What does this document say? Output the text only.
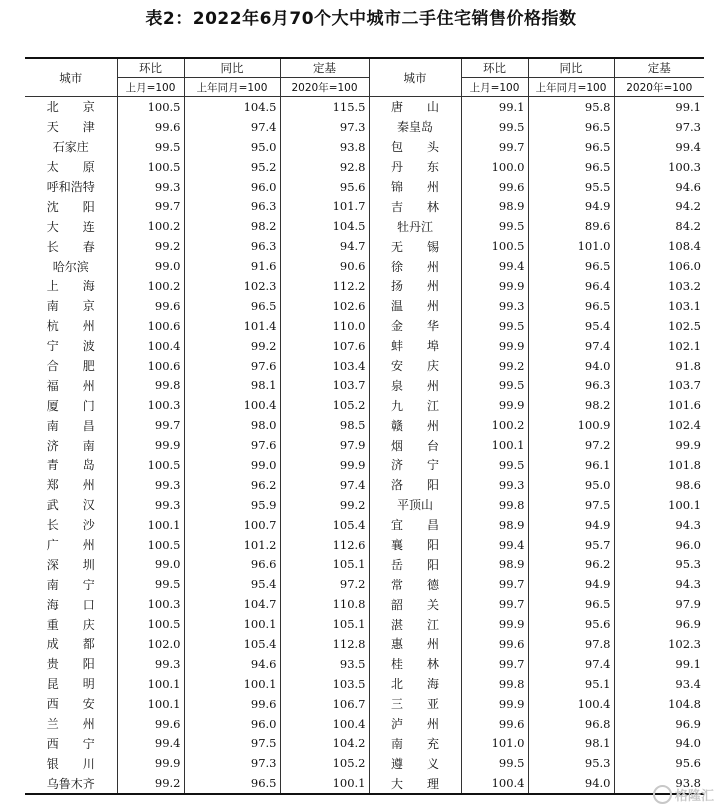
表2：2022年6月70个大中城市二手住宅销售价格指数
城市	环比	同比	定基	城市	环比	同比	定基
	上月=100	上年同月=100	2020年=100		上月=100	上年同月=100	2020年=100
北　　京	100.5	104.5	115.5	唐　　山	99.1	95.8	99.1
天　　津	99.6	97.4	97.3	秦皇岛	99.5	96.5	97.3
石家庄	99.5	95.0	93.8	包　　头	99.7	96.5	99.4
太　　原	100.5	95.2	92.8	丹　　东	100.0	96.5	100.3
呼和浩特	99.3	96.0	95.6	锦　　州	99.6	95.5	94.6
沈　　阳	99.7	96.3	101.7	吉　　林	98.9	94.9	94.2
大　　连	100.2	98.2	104.5	牡丹江	99.5	89.6	84.2
长　　春	99.2	96.3	94.7	无　　锡	100.5	101.0	108.4
哈尔滨	99.0	91.6	90.6	徐　　州	99.4	96.5	106.0
上　　海	100.2	102.3	112.2	扬　　州	99.9	96.4	103.2
南　　京	99.6	96.5	102.6	温　　州	99.3	96.5	103.1
杭　　州	100.6	101.4	110.0	金　　华	99.5	95.4	102.5
宁　　波	100.4	99.2	107.6	蚌　　埠	99.9	97.4	102.1
合　　肥	100.6	97.6	103.4	安　　庆	99.2	94.0	91.8
福　　州	99.8	98.1	103.7	泉　　州	99.5	96.3	103.7
厦　　门	100.3	100.4	105.2	九　　江	99.9	98.2	101.6
南　　昌	99.7	98.0	98.5	赣　　州	100.2	100.9	102.4
济　　南	99.9	97.6	97.9	烟　　台	100.1	97.2	99.9
青　　岛	100.5	99.0	99.9	济　　宁	99.5	96.1	101.8
郑　　州	99.3	96.2	97.4	洛　　阳	99.3	95.0	98.6
武　　汉	99.3	95.9	99.2	平顶山	99.8	97.5	100.1
长　　沙	100.1	100.7	105.4	宜　　昌	98.9	94.9	94.3
广　　州	100.5	101.2	112.6	襄　　阳	99.4	95.7	96.0
深　　圳	99.0	96.6	105.1	岳　　阳	98.9	96.2	95.3
南　　宁	99.5	95.4	97.2	常　　德	99.7	94.9	94.3
海　　口	100.3	104.7	110.8	韶　　关	99.7	96.5	97.9
重　　庆	100.5	100.1	105.1	湛　　江	99.9	95.6	96.9
成　　都	102.0	105.4	112.8	惠　　州	99.6	97.8	102.3
贵　　阳	99.3	94.6	93.5	桂　　林	99.7	97.4	99.1
昆　　明	100.1	100.1	103.5	北　　海	99.8	95.1	93.4
西　　安	100.1	99.6	106.7	三　　亚	99.9	100.4	104.8
兰　　州	99.6	96.0	100.4	泸　　州	99.6	96.8	96.9
西　　宁	99.4	97.5	104.2	南　　充	101.0	98.1	94.0
银　　川	99.9	97.3	105.2	遵　　义	99.5	95.3	95.6
乌鲁木齐	99.2	96.5	100.1	大　　理	100.4	94.0	93.8
格隆汇
